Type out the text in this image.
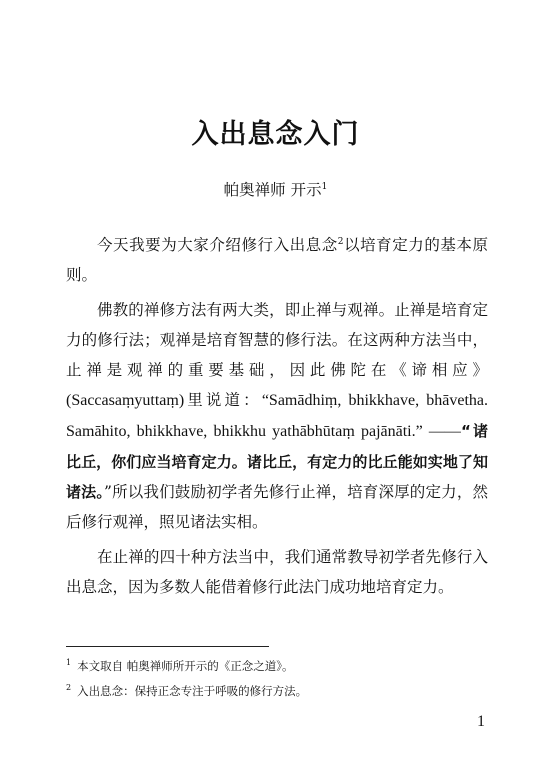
入出息念入门
帕奥禅师 开示$^1$

今天我要为大家介绍修行入出息念$^2$以培育定力的基本原则。

佛教的禅修方法有两大类，即止禅与观禅。止禅是培育定力的修行法；观禅是培育智慧的修行法。在这两种方法当中，止禅是观禅的重要基础，因此佛陀在《谛相应》(Saccasaṃyuttaṃ)里说道：“Samādhiṃ, bhikkhave, bhāvetha. Samāhito, bhikkhave, bhikkhu yathābhūtaṃ pajānāti.” ——“诸比丘，你们应当培育定力。诸比丘，有定力的比丘能如实地了知诸法。”所以我们鼓励初学者先修行止禅，培育深厚的定力，然后修行观禅，照见诸法实相。

在止禅的四十种方法当中，我们通常教导初学者先修行入出息念，因为多数人能借着修行此法门成功地培育定力。

$^1$ 本文取自 帕奥禅师所开示的《正念之道》。
$^2$ 入出息念：保持正念专注于呼吸的修行方法。
1
